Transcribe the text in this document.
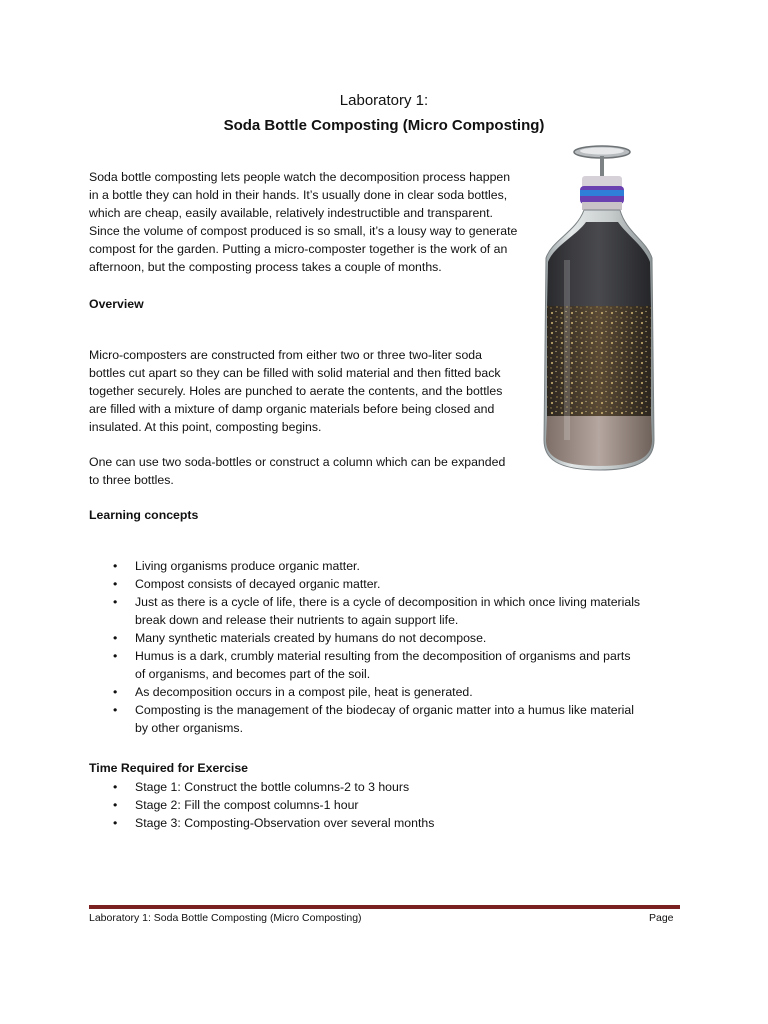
Laboratory 1:
Soda Bottle Composting (Micro Composting)
Soda bottle composting lets people watch the decomposition process happen
in a bottle they can hold in their hands. It’s usually done in clear soda bottles,
which are cheap, easily available, relatively indestructible and transparent.
Since the volume of compost produced is so small, it’s a lousy way to generate
compost for the garden. Putting a micro-composter together is the work of an
afternoon, but the composting process takes a couple of months.
Overview
Micro-composters are constructed from either two or three two-liter soda
bottles cut apart so they can be filled with solid material and then fitted back
together securely. Holes are punched to aerate the contents, and the bottles
are filled with a mixture of damp organic materials before being closed and
insulated. At this point, composting begins.
One can use two soda-bottles or construct a column which can be expanded
to three bottles.
Learning concepts
• Living organisms produce organic matter.
• Compost consists of decayed organic matter.
• Just as there is a cycle of life, there is a cycle of decomposition in which once living materials
break down and release their nutrients to again support life.
• Many synthetic materials created by humans do not decompose.
• Humus is a dark, crumbly material resulting from the decomposition of organisms and parts
of organisms, and becomes part of the soil.
• As decomposition occurs in a compost pile, heat is generated.
• Composting is the management of the biodecay of organic matter into a humus like material
by other organisms.
Time Required for Exercise
• Stage 1: Construct the bottle columns-2 to 3 hours
• Stage 2: Fill the compost columns-1 hour
• Stage 3: Composting-Observation over several months
Laboratory 1: Soda Bottle Composting (Micro Composting)	Page
